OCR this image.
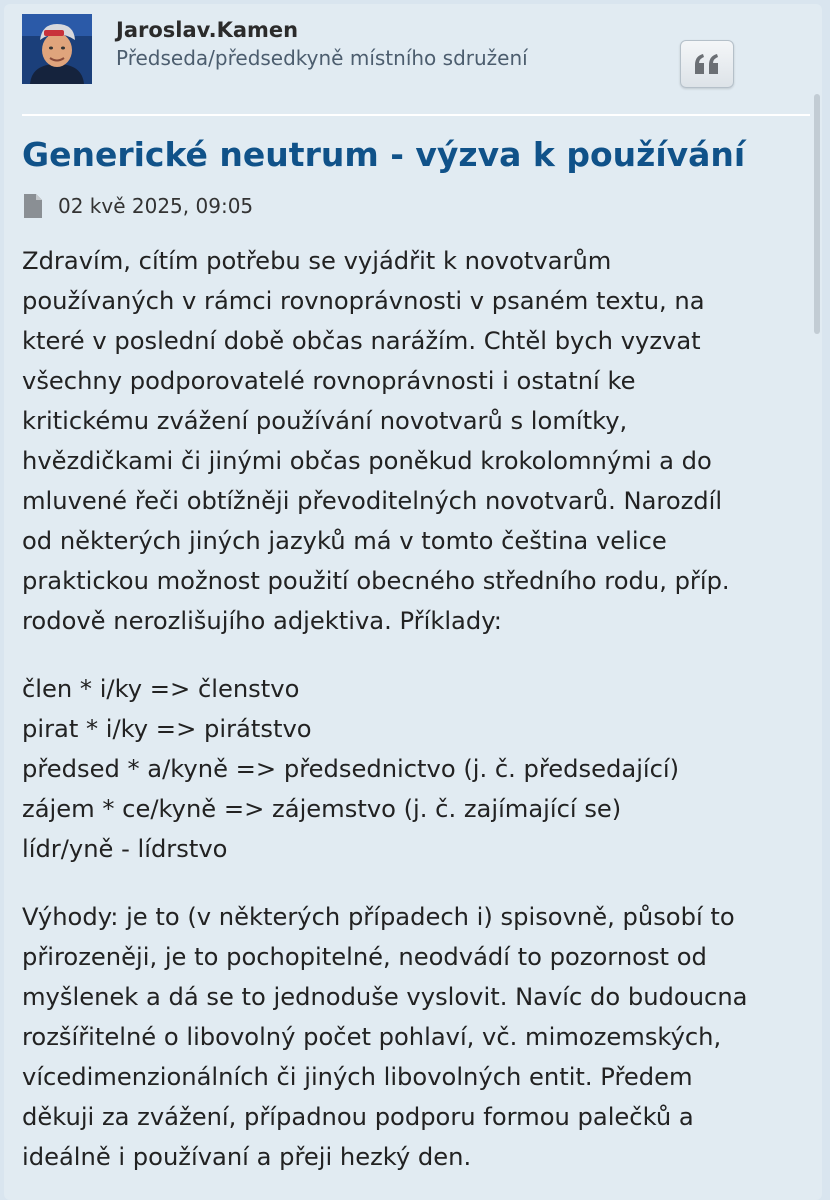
Jaroslav.Kamen
Předseda/předsedkyně místního sdružení
Generické neutrum - výzva k používání
02 kvě 2025, 09:05

Zdravím, cítím potřebu se vyjádřit k novotvarům
používaných v rámci rovnoprávnosti v psaném textu, na
které v poslední době občas narážím. Chtěl bych vyzvat
všechny podporovatelé rovnoprávnosti i ostatní ke
kritickému zvážení používání novotvarů s lomítky,
hvězdičkami či jinými občas poněkud krokolomnými a do
mluvené řeči obtížněji převoditelných novotvarů. Narozdíl
od některých jiných jazyků má v tomto čeština velice
praktickou možnost použití obecného středního rodu, příp.
rodově nerozlišujího adjektiva. Příklady:

člen * i/ky => členstvo
pirat * i/ky => pirátstvo
předsed * a/kyně => předsednictvo (j. č. předsedající)
zájem * ce/kyně => zájemstvo (j. č. zajímající se)
lídr/yně - lídrstvo

Výhody: je to (v některých případech i) spisovně, působí to
přirozeněji, je to pochopitelné, neodvádí to pozornost od
myšlenek a dá se to jednoduše vyslovit. Navíc do budoucna
rozšířitelné o libovolný počet pohlaví, vč. mimozemských,
vícedimenzionálních či jiných libovolných entit. Předem
děkuji za zvážení, případnou podporu formou palečků a
ideálně i používaní a přeji hezký den.
